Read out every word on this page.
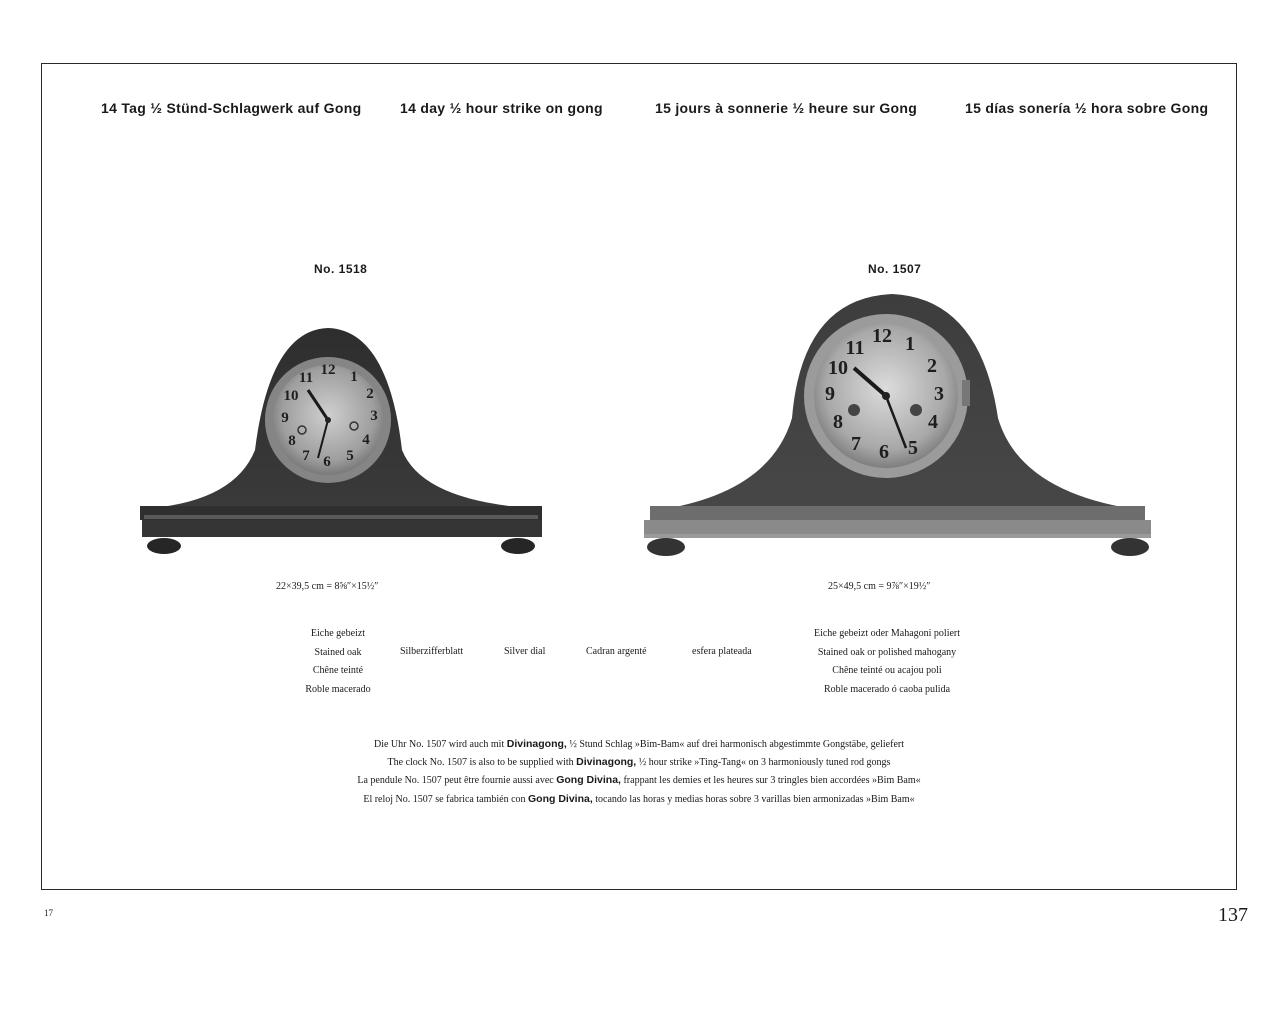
14 Tag ½ Stünd-Schlagwerk auf Gong	14 day ½ hour strike on gong	15 jours à sonnerie ½ heure sur Gong	15 días sonería ½ hora sobre Gong
No. 1518	No. 1507
12 1
2
3
4
5
6
7
8
9
10
11
12 1
2
3
4
5
6
7
8
9
10
11
22×39,5 cm = 8⅝″×15½″	25×49,5 cm = 9⅞″×19½″
Eiche gebeizt
Stained oak
Chêne teinté
Roble macerado
Silberzifferblatt	Silver dial	Cadran argenté	esfera plateada
Eiche gebeizt oder Mahagoni poliert
Stained oak or polished mahogany
Chêne teinté ou acajou poli
Roble macerado ó caoba pulida
Die Uhr No. 1507 wird auch mit Divinagong, ½ Stund Schlag »Bim-Bam« auf drei harmonisch abgestimmte Gongstäbe, geliefert
The clock No. 1507 is also to be supplied with Divinagong, ½ hour strike »Ting-Tang« on 3 harmoniously tuned rod gongs
La pendule No. 1507 peut être fournie aussi avec Gong Divina, frappant les demies et les heures sur 3 tringles bien accordées »Bim Bam«
El reloj No. 1507 se fabrica también con Gong Divina, tocando las horas y medias horas sobre 3 varillas bien armonizadas »Bim Bam«
17	137
